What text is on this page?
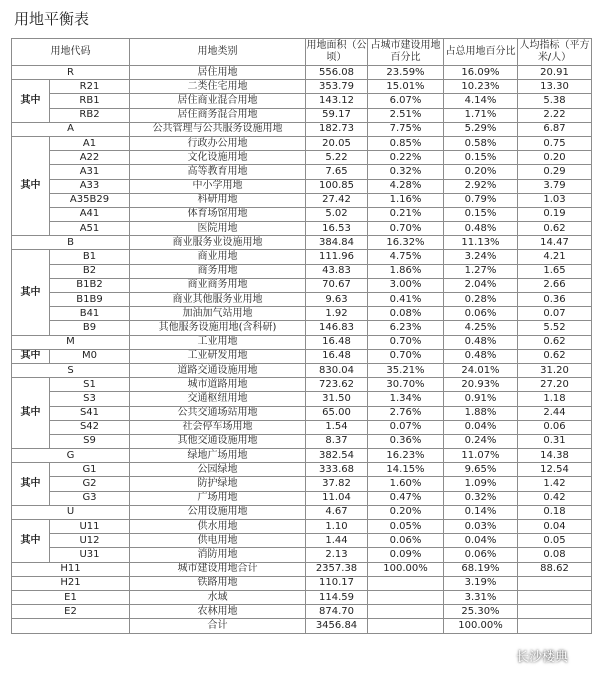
用地平衡表
用地代码		用地类别	用地面积（公顷）	占城市建设用地百分比	占总用地百分比	人均指标（平方米/人）
R		居住用地	556.08	23.59%	16.09%	20.91
其中	R21	二类住宅用地	353.79	15.01%	10.23%	13.30
	RB1	居住商业混合用地	143.12	6.07%	4.14%	5.38
	RB2	居住商务混合用地	59.17	2.51%	1.71%	2.22
A		公共管理与公共服务设施用地	182.73	7.75%	5.29%	6.87
其中	A1	行政办公用地	20.05	0.85%	0.58%	0.75
	A22	文化设施用地	5.22	0.22%	0.15%	0.20
	A31	高等教育用地	7.65	0.32%	0.20%	0.29
	A33	中小学用地	100.85	4.28%	2.92%	3.79
	A35B29	科研用地	27.42	1.16%	0.79%	1.03
	A41	体育场馆用地	5.02	0.21%	0.15%	0.19
	A51	医院用地	16.53	0.70%	0.48%	0.62
B		商业服务业设施用地	384.84	16.32%	11.13%	14.47
其中	B1	商业用地	111.96	4.75%	3.24%	4.21
	B2	商务用地	43.83	1.86%	1.27%	1.65
	B1B2	商业商务用地	70.67	3.00%	2.04%	2.66
	B1B9	商业其他服务业用地	9.63	0.41%	0.28%	0.36
	B41	加油加气站用地	1.92	0.08%	0.06%	0.07
	B9	其他服务设施用地(含科研)	146.83	6.23%	4.25%	5.52
M		工业用地	16.48	0.70%	0.48%	0.62
其中	M0	工业研发用地	16.48	0.70%	0.48%	0.62
S		道路交通设施用地	830.04	35.21%	24.01%	31.20
其中	S1	城市道路用地	723.62	30.70%	20.93%	27.20
	S3	交通枢纽用地	31.50	1.34%	0.91%	1.18
	S41	公共交通场站用地	65.00	2.76%	1.88%	2.44
	S42	社会停车场用地	1.54	0.07%	0.04%	0.06
	S9	其他交通设施用地	8.37	0.36%	0.24%	0.31
G		绿地广场用地	382.54	16.23%	11.07%	14.38
其中	G1	公园绿地	333.68	14.15%	9.65%	12.54
	G2	防护绿地	37.82	1.60%	1.09%	1.42
	G3	广场用地	11.04	0.47%	0.32%	0.42
U		公用设施用地	4.67	0.20%	0.14%	0.18
其中	U11	供水用地	1.10	0.05%	0.03%	0.04
	U12	供电用地	1.44	0.06%	0.04%	0.05
	U31	消防用地	2.13	0.09%	0.06%	0.08
H11		城市建设用地合计	2357.38	100.00%	68.19%	88.62
H21		铁路用地	110.17		3.19%	
E1		水域	114.59		3.31%	
E2		农林用地	874.70		25.30%	
		合计	3456.84		100.00%	
长沙楼典
